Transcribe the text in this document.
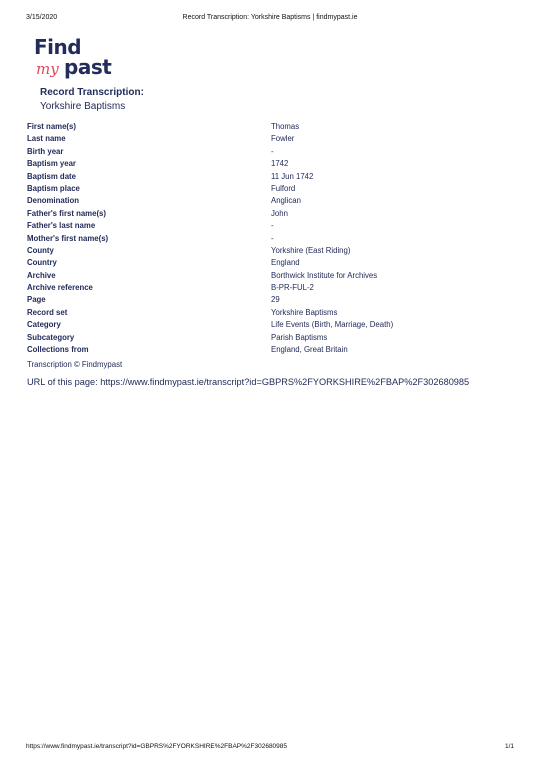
3/15/2020	Record Transcription: Yorkshire Baptisms | findmypast.ie
Find
my past
Record Transcription:
Yorkshire Baptisms
First name(s)	Thomas
Last name	Fowler
Birth year	-
Baptism year	1742
Baptism date	11 Jun 1742
Baptism place	Fulford
Denomination	Anglican
Father's first name(s)	John
Father's last name	-
Mother's first name(s)	-
County	Yorkshire (East Riding)
Country	England
Archive	Borthwick Institute for Archives
Archive reference	B-PR-FUL-2
Page	29
Record set	Yorkshire Baptisms
Category	Life Events (Birth, Marriage, Death)
Subcategory	Parish Baptisms
Collections from	England, Great Britain
Transcription © Findmypast
URL of this page: https://www.findmypast.ie/transcript?id=GBPRS%2FYORKSHIRE%2FBAP%2F302680985
https://www.findmypast.ie/transcript?id=GBPRS%2FYORKSHIRE%2FBAP%2F302680985	1/1
